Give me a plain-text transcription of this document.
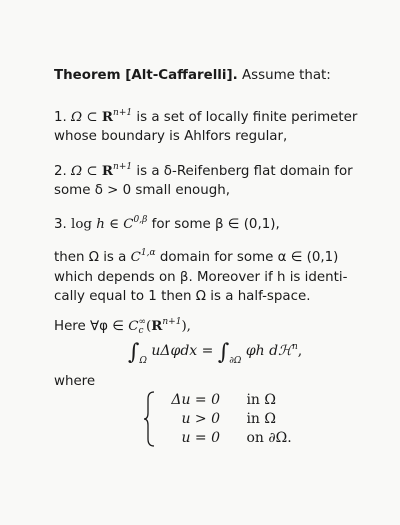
Theorem [Alt-Caffarelli]. Assume that:
1. Ω ⊂ $R^{n+1}$ is a set of locally finite perimeter whose boundary is Ahlfors regular,
2. Ω ⊂ $R^{n+1}$ is a δ-Reifenberg flat domain for some δ > 0 small enough,
3. log h ∈ $C^{0,\beta}$ for some β ∈ (0,1),
then Ω is a $C^{1,\alpha}$ domain for some α ∈ (0,1)
which depends on β. Moreover if h is identi-
cally equal to 1 then Ω is a half-space.
Here ∀φ ∈ $C_c^\infty(R^{n+1})$,
$\int_\Omega$ $u\Delta\varphi dx = \int_{\partial\Omega}$ φh dℋ$^n$,
where
Δu = 0 in Ω
u > 0 in Ω
u = 0 on ∂Ω.
